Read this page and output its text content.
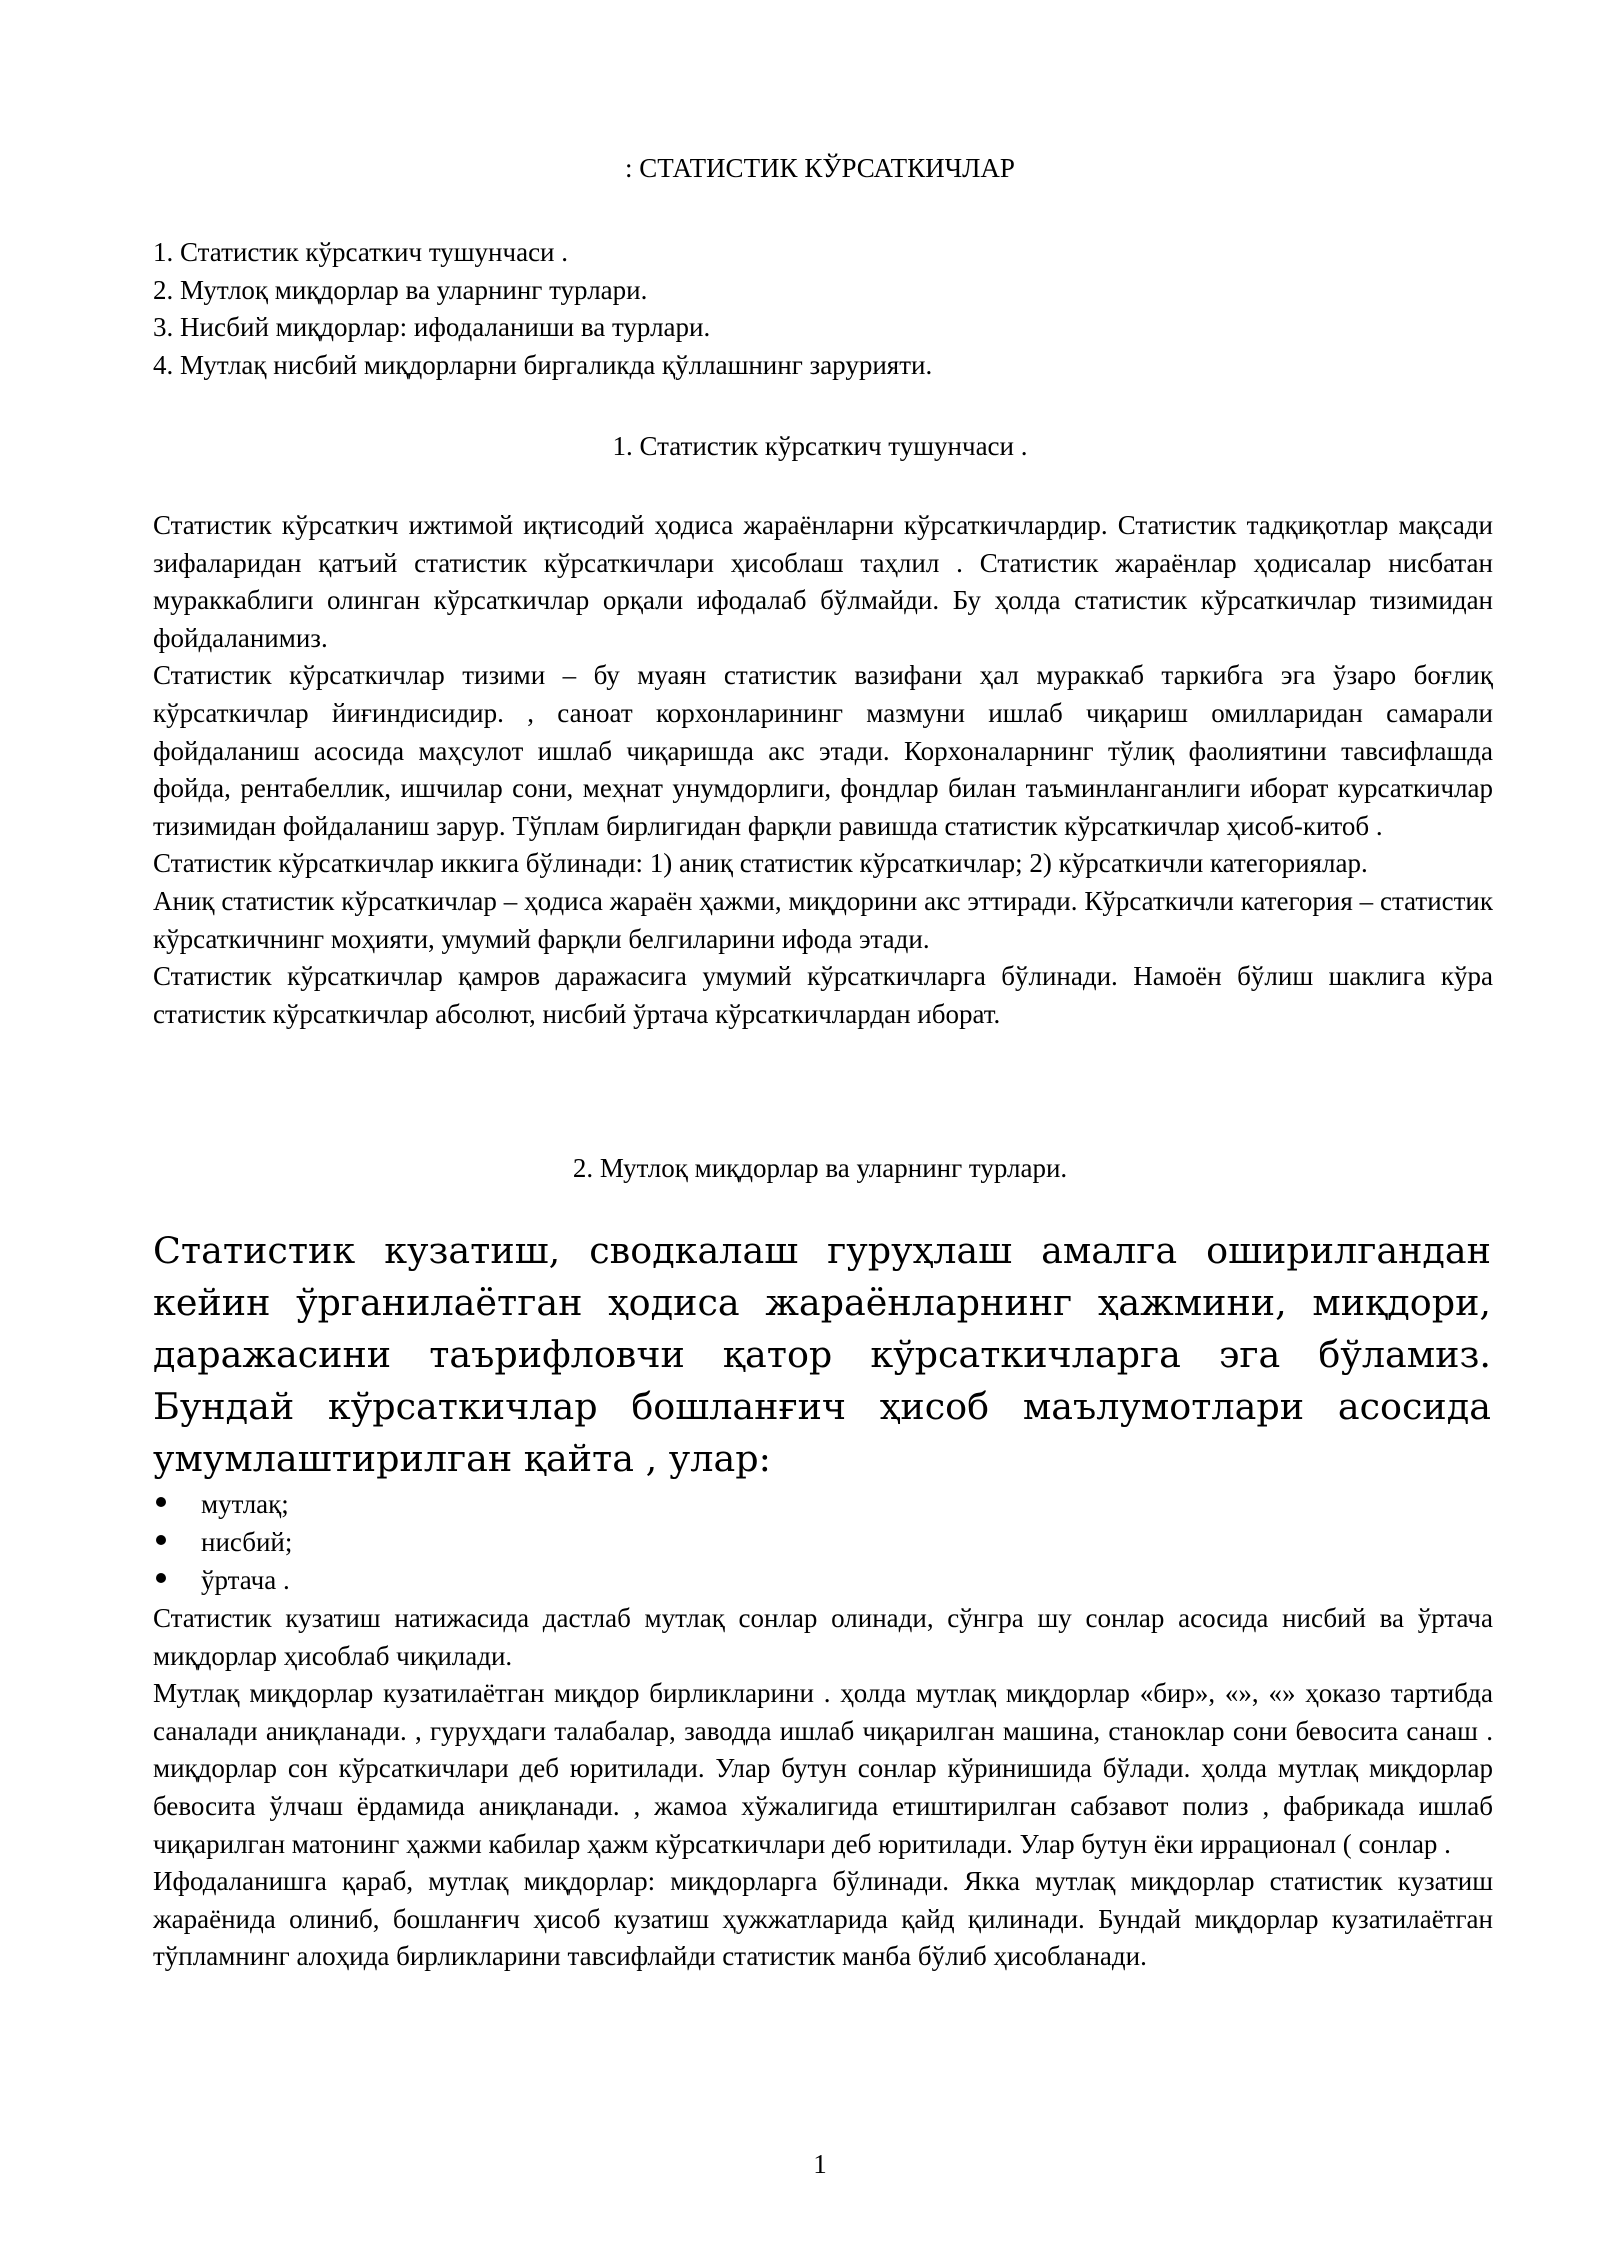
: СТАТИСТИК КЎРСАТКИЧЛАР
1. Статистик кўрсаткич тушунчаси .
2. Мутлоқ миқдорлар ва уларнинг турлари.
3. Нисбий миқдорлар: ифодаланиши ва турлари.
4. Мутлақ нисбий миқдорларни биргаликда қўллашнинг зарурияти.
1. Статистик кўрсаткич тушунчаси .

Статистик кўрсаткич ижтимой иқтисодий ҳодиса жараёнларни кўрсаткичлардир. Статистик тадқиқотлар мақсади зифаларидан қатъий статистик кўрсаткичлари ҳисоблаш таҳлил . Статистик жараёнлар ҳодисалар нисбатан мураккаблиги олинган кўрсаткичлар орқали ифодалаб бўлмайди. Бу ҳолда статистик кўрсаткичлар тизимидан фойдаланимиз.

Статистик кўрсаткичлар тизими – бу муаян статистик вазифани ҳал мураккаб таркибга эга ўзаро боғлиқ кўрсаткичлар йиғиндисидир. , саноат корхонларининг мазмуни ишлаб чиқариш омилларидан самарали фойдаланиш асосида маҳсулот ишлаб чиқаришда акс этади. Корхоналарнинг тўлиқ фаолиятини тавсифлашда фойда, рентабеллик, ишчилар сони, меҳнат унумдорлиги, фондлар билан таъминланганлиги иборат курсаткичлар тизимидан фойдаланиш зарур. Тўплам бирлигидан фарқли равишда статистик кўрсаткичлар ҳисоб-китоб .

Статистик кўрсаткичлар иккига бўлинади: 1) аниқ статистик кўрсаткичлар; 2) кўрсаткичли категориялар.

Аниқ статистик кўрсаткичлар – ҳодиса жараён ҳажми, миқдорини акс эттиради. Кўрсаткичли категория – статистик кўрсаткичнинг моҳияти, умумий фарқли белгиларини ифода этади.

Статистик кўрсаткичлар қамров даражасига умумий кўрсаткичларга бўлинади. Намоён бўлиш шаклига кўра статистик кўрсаткичлар абсолют, нисбий ўртача кўрсаткичлардан иборат.

2. Мутлоқ миқдорлар ва уларнинг турлари.

Статистик кузатиш, сводкалаш гуруҳлаш амалга оширилгандан кейин ўрганилаётган ҳодиса жараёнларнинг ҳажмини, миқдори, даражасини таърифловчи қатор кўрсаткичларга эга бўламиз. Бундай кўрсаткичлар бошланғич ҳисоб маълумотлари асосида умумлаштирилган қайта , улар:

мутлақ;
нисбий;
ўртача .

Статистик кузатиш натижасида дастлаб мутлақ сонлар олинади, сўнгра шу сонлар асосида нисбий ва ўртача миқдорлар ҳисоблаб чиқилади.

Мутлақ миқдорлар кузатилаётган миқдор бирликларини . ҳолда мутлақ миқдорлар «бир», «», «» ҳоказо тартибда саналади аниқланади. , гуруҳдаги талабалар, заводда ишлаб чиқарилган машина, станоклар сони бевосита санаш . миқдорлар сон кўрсаткичлари деб юритилади. Улар бутун сонлар кўринишида бўлади. ҳолда мутлақ миқдорлар бевосита ўлчаш ёрдамида аниқланади. , жамоа хўжалигида етиштирилган сабзавот полиз , фабрикада ишлаб чиқарилган матонинг ҳажми кабилар ҳажм кўрсаткичлари деб юритилади. Улар бутун ёки иррационал ( сонлар .

Ифодаланишга қараб, мутлақ миқдорлар: миқдорларга бўлинади. Якка мутлақ миқдорлар статистик кузатиш жараёнида олиниб, бошланғич ҳисоб кузатиш ҳужжатларида қайд қилинади. Бундай миқдорлар кузатилаётган тўпламнинг алоҳида бирликларини тавсифлайди статистик манба бўлиб ҳисобланади.

1
